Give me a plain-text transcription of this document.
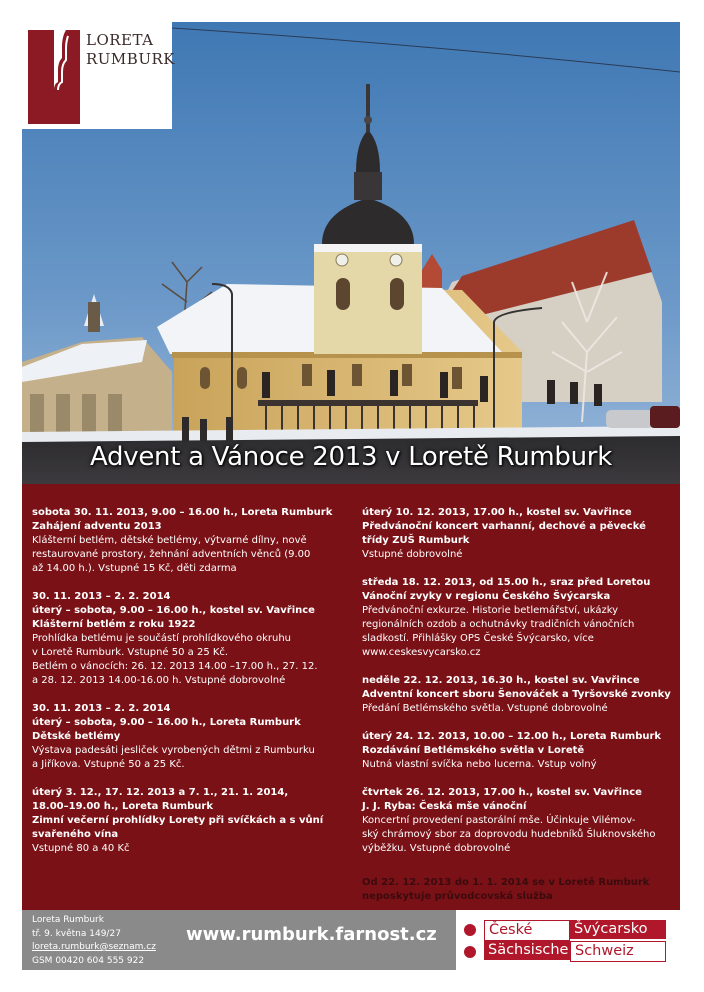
LORETA
RUMBURK
Advent a Vánoce 2013 v Loretě Rumburk
sobota 30. 11. 2013, 9.00 – 16.00 h., Loreta Rumburk
Zahájení adventu 2013
Klášterní betlém, dětské betlémy, výtvarné dílny, nově
restaurované prostory, žehnání adventních věnců (9.00
až 14.00 h.). Vstupné 15 Kč, děti zdarma
30. 11. 2013 – 2. 2. 2014
úterý – sobota, 9.00 – 16.00 h., kostel sv. Vavřince
Klášterní betlém z roku 1922
Prohlídka betlému je součástí prohlídkového okruhu
v Loretě Rumburk. Vstupné 50 a 25 Kč.
Betlém o vánocích: 26. 12. 2013 14.00 –17.00 h., 27. 12.
a 28. 12. 2013 14.00-16.00 h. Vstupné dobrovolné
30. 11. 2013 – 2. 2. 2014
úterý – sobota, 9.00 – 16.00 h., Loreta Rumburk
Dětské betlémy
Výstava padesáti jesliček vyrobených dětmi z Rumburku
a Jiříkova. Vstupné 50 a 25 Kč.
úterý 3. 12., 17. 12. 2013 a 7. 1., 21. 1. 2014,
18.00–19.00 h., Loreta Rumburk
Zimní večerní prohlídky Lorety při svíčkách a s vůní
svařeného vína
Vstupné 80 a 40 Kč
úterý 10. 12. 2013, 17.00 h., kostel sv. Vavřince
Předvánoční koncert varhanní, dechové a pěvecké
třídy ZUŠ Rumburk
Vstupné dobrovolné
středa 18. 12. 2013, od 15.00 h., sraz před Loretou
Vánoční zvyky v regionu Českého Švýcarska
Předvánoční exkurze. Historie betlemářství, ukázky
regionálních ozdob a ochutnávky tradičních vánočních
sladkostí. Přihlášky OPS České Švýcarsko, více
www.ceskesvycarsko.cz
neděle 22. 12. 2013, 16.30 h., kostel sv. Vavřince
Adventní koncert sboru Šenováček a Tyršovské zvonky
Předání Betlémského světla. Vstupné dobrovolné
úterý 24. 12. 2013, 10.00 – 12.00 h., Loreta Rumburk
Rozdávání Betlémského světla v Loretě
Nutná vlastní svíčka nebo lucerna. Vstup volný
čtvrtek 26. 12. 2013, 17.00 h., kostel sv. Vavřince
J. J. Ryba: Česká mše vánoční
Koncertní provedení pastorální mše. Účinkuje Vilémov-
ský chrámový sbor za doprovodu hudebníků Šluknovského
výběžku. Vstupné dobrovolné
Od 22. 12. 2013 do 1. 1. 2014 se v Loretě Rumburk
neposkytuje průvodcovská služba
Loreta Rumburk
tř. 9. května 149/27
loreta.rumburk@seznam.cz
GSM 00420 604 555 922
www.rumburk.farnost.cz	České	Švýcarsko
Sächsische Schweiz
